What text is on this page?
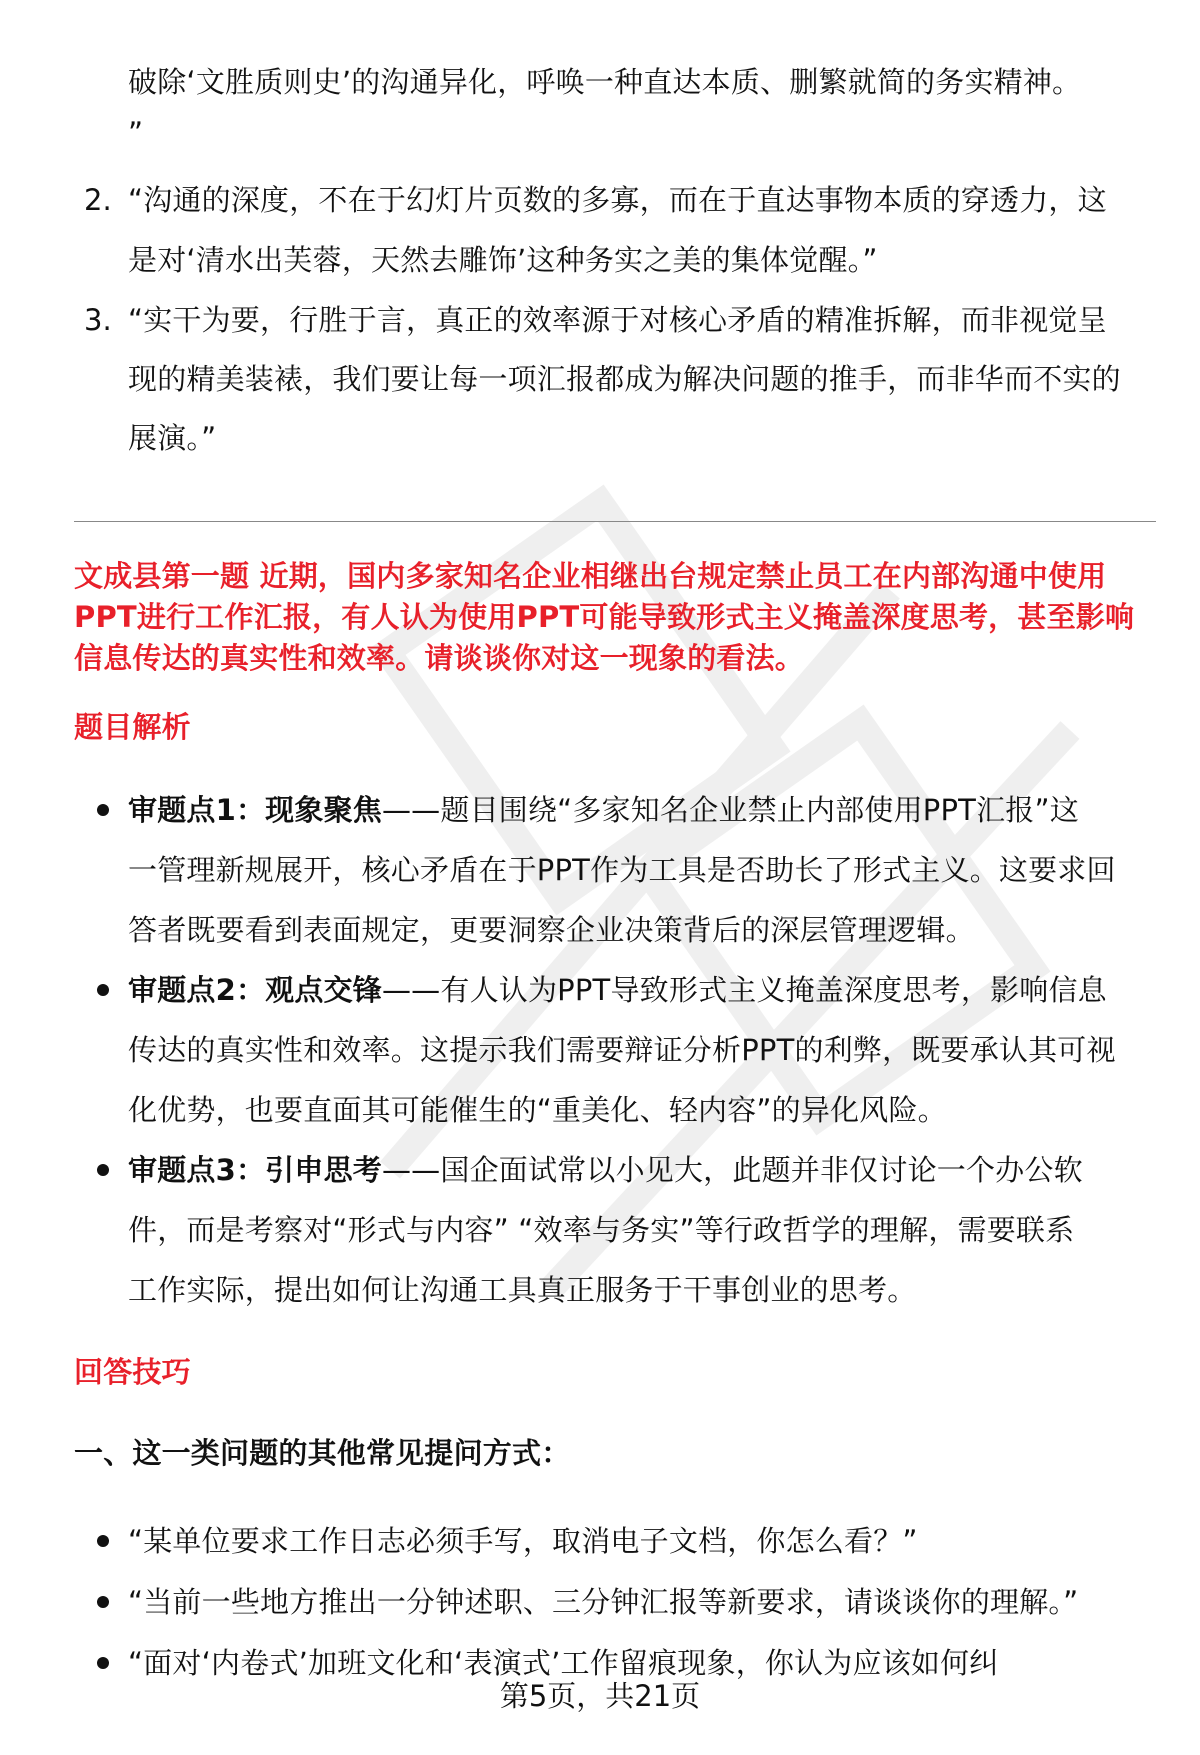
破除‘文胜质则史’的沟通异化，呼唤一种直达本质、删繁就简的务实精神。
”
2. “沟通的深度，不在于幻灯片页数的多寡，而在于直达事物本质的穿透力，这
是对‘清水出芙蓉，天然去雕饰’这种务实之美的集体觉醒。”
3. “实干为要，行胜于言，真正的效率源于对核心矛盾的精准拆解，而非视觉呈
现的精美装裱，我们要让每一项汇报都成为解决问题的推手，而非华而不实的
展演。”
文成县第一题 近期，国内多家知名企业相继出台规定禁止员工在内部沟通中使用
PPT进行工作汇报，有人认为使用PPT可能导致形式主义掩盖深度思考，甚至影响
信息传达的真实性和效率。请谈谈你对这一现象的看法。
题目解析
审题点1：现象聚焦——题目围绕“多家知名企业禁止内部使用PPT汇报”这
一管理新规展开，核心矛盾在于PPT作为工具是否助长了形式主义。这要求回
答者既要看到表面规定，更要洞察企业决策背后的深层管理逻辑。
审题点2：观点交锋——有人认为PPT导致形式主义掩盖深度思考，影响信息
传达的真实性和效率。这提示我们需要辩证分析PPT的利弊，既要承认其可视
化优势，也要直面其可能催生的“重美化、轻内容”的异化风险。
审题点3：引申思考——国企面试常以小见大，此题并非仅讨论一个办公软
件，而是考察对“形式与内容” “效率与务实”等行政哲学的理解，需要联系
工作实际，提出如何让沟通工具真正服务于干事创业的思考。
回答技巧
一、这一类问题的其他常见提问方式：
“某单位要求工作日志必须手写，取消电子文档，你怎么看？”
“当前一些地方推出一分钟述职、三分钟汇报等新要求，请谈谈你的理解。”
“面对‘内卷式’加班文化和‘表演式’工作留痕现象，你认为应该如何纠
第5页，共21页
